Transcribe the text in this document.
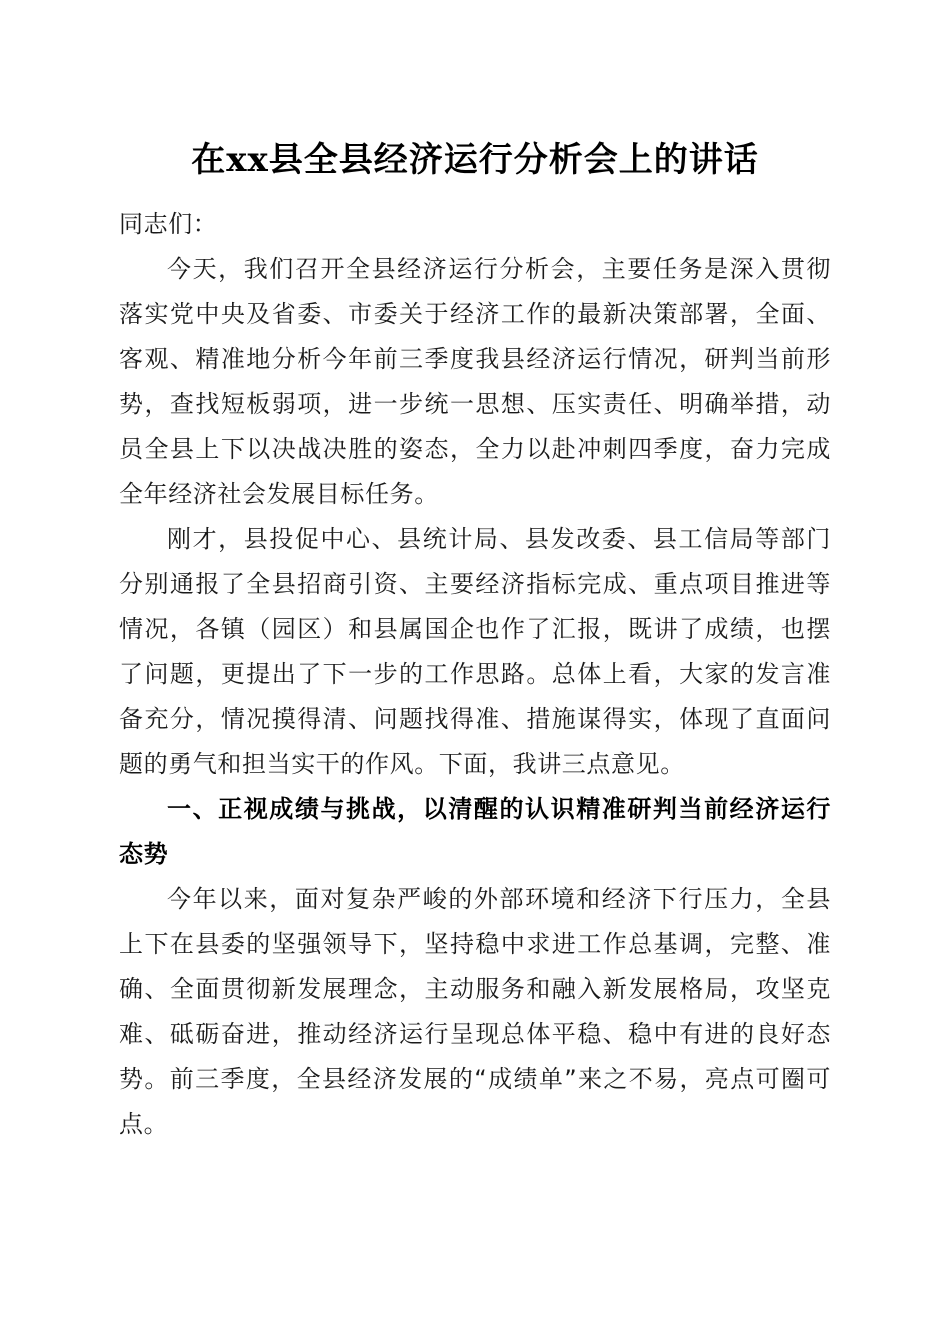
在xx县全县经济运行分析会上的讲话

同志们：

今天，我们召开全县经济运行分析会，主要任务是深入贯彻落实党中央及省委、市委关于经济工作的最新决策部署，全面、客观、精准地分析今年前三季度我县经济运行情况，研判当前形势，查找短板弱项，进一步统一思想、压实责任、明确举措，动员全县上下以决战决胜的姿态，全力以赴冲刺四季度，奋力完成全年经济社会发展目标任务。

刚才，县投促中心、县统计局、县发改委、县工信局等部门分别通报了全县招商引资、主要经济指标完成、重点项目推进等情况，各镇（园区）和县属国企也作了汇报，既讲了成绩，也摆了问题，更提出了下一步的工作思路。总体上看，大家的发言准备充分，情况摸得清、问题找得准、措施谋得实，体现了直面问题的勇气和担当实干的作风。下面，我讲三点意见。

一、正视成绩与挑战，以清醒的认识精准研判当前经济运行态势

今年以来，面对复杂严峻的外部环境和经济下行压力，全县上下在县委的坚强领导下，坚持稳中求进工作总基调，完整、准确、全面贯彻新发展理念，主动服务和融入新发展格局，攻坚克难、砥砺奋进，推动经济运行呈现总体平稳、稳中有进的良好态势。前三季度，全县经济发展的“成绩单”来之不易，亮点可圈可点。
